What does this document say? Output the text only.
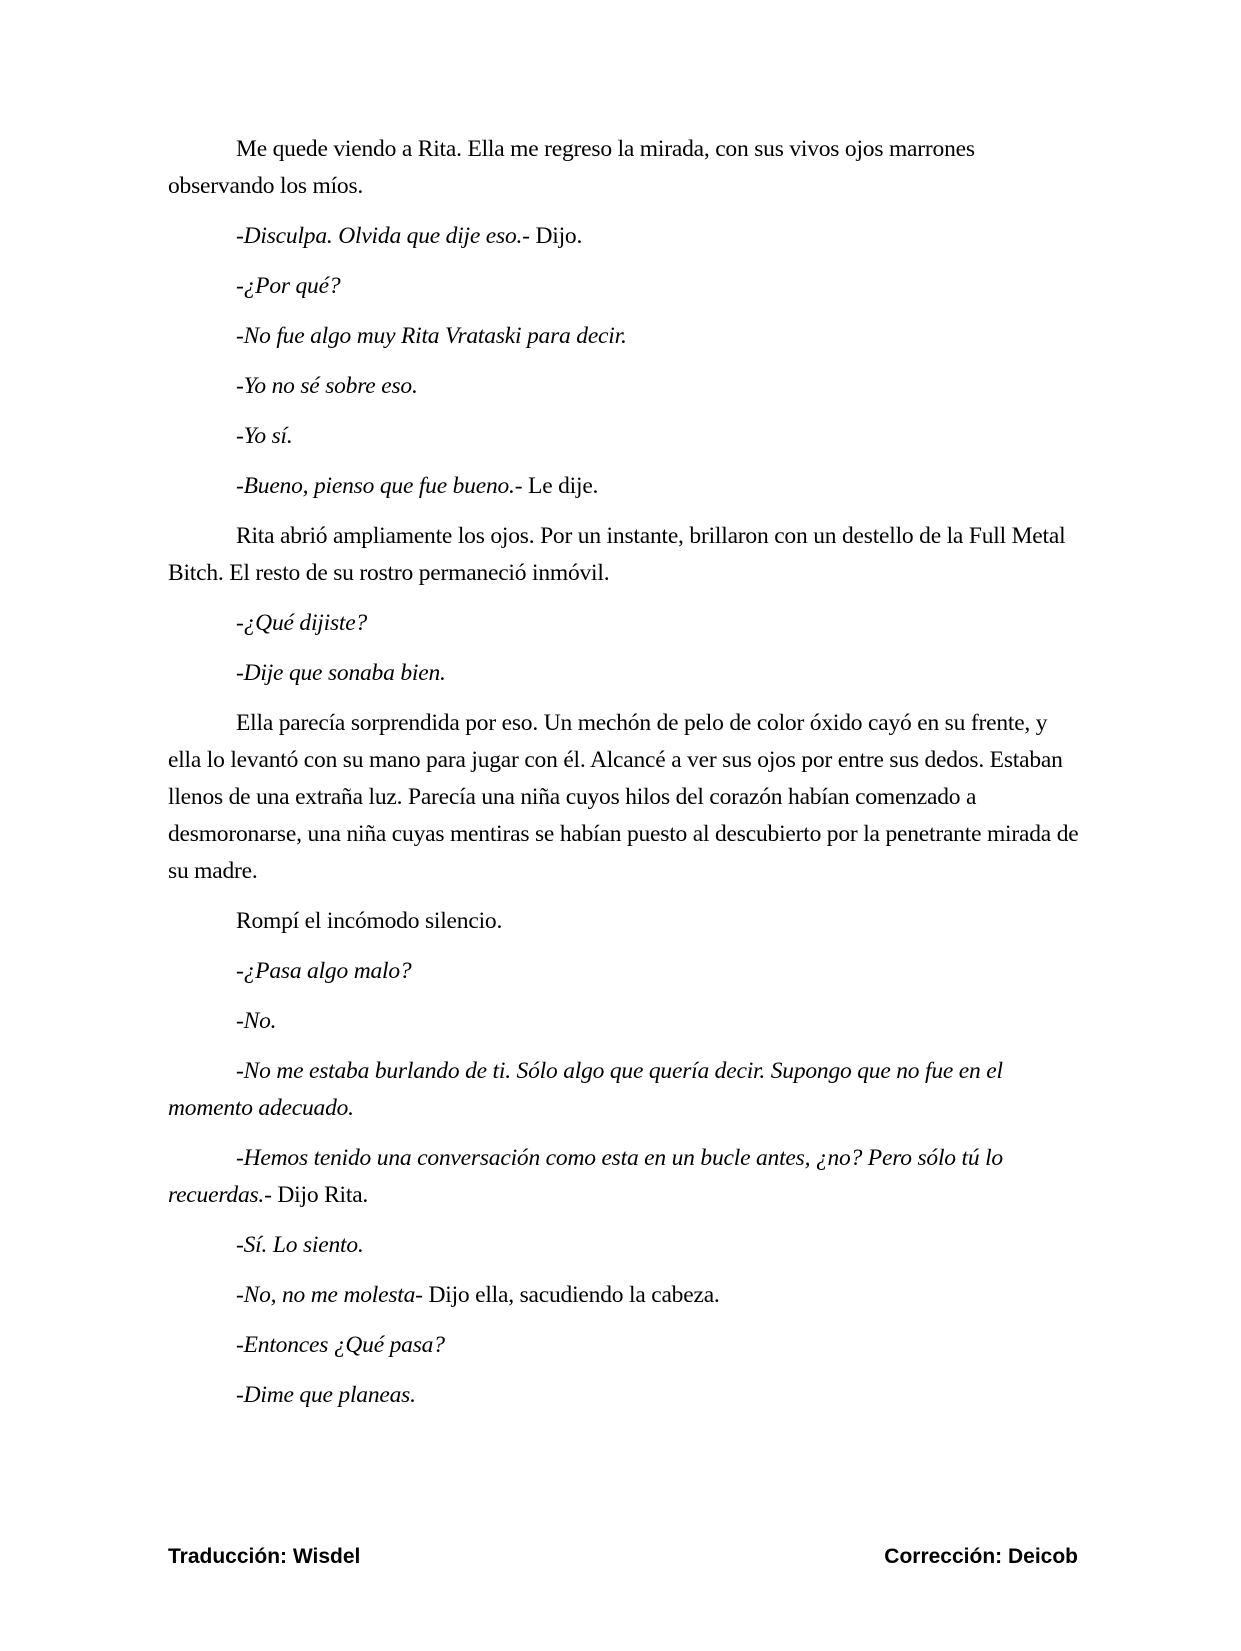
Me quede viendo a Rita. Ella me regreso la mirada, con sus vivos ojos marrones observando los míos.

-Disculpa. Olvida que dije eso.- Dijo.

-¿Por qué?

-No fue algo muy Rita Vrataski para decir.

-Yo no sé sobre eso.

-Yo sí.

-Bueno, pienso que fue bueno.- Le dije.

Rita abrió ampliamente los ojos. Por un instante, brillaron con un destello de la Full Metal Bitch. El resto de su rostro permaneció inmóvil.

-¿Qué dijiste?

-Dije que sonaba bien.

Ella parecía sorprendida por eso. Un mechón de pelo de color óxido cayó en su frente, y ella lo levantó con su mano para jugar con él. Alcancé a ver sus ojos por entre sus dedos. Estaban llenos de una extraña luz. Parecía una niña cuyos hilos del corazón habían comenzado a desmoronarse, una niña cuyas mentiras se habían puesto al descubierto por la penetrante mirada de su madre.

Rompí el incómodo silencio.

-¿Pasa algo malo?

-No.

-No me estaba burlando de ti. Sólo algo que quería decir. Supongo que no fue en el momento adecuado.

-Hemos tenido una conversación como esta en un bucle antes, ¿no? Pero sólo tú lo recuerdas.- Dijo Rita.

-Sí. Lo siento.

-No, no me molesta- Dijo ella, sacudiendo la cabeza.

-Entonces ¿Qué pasa?

-Dime que planeas.

Traducción: Wisdel	Corrección: Deicob
